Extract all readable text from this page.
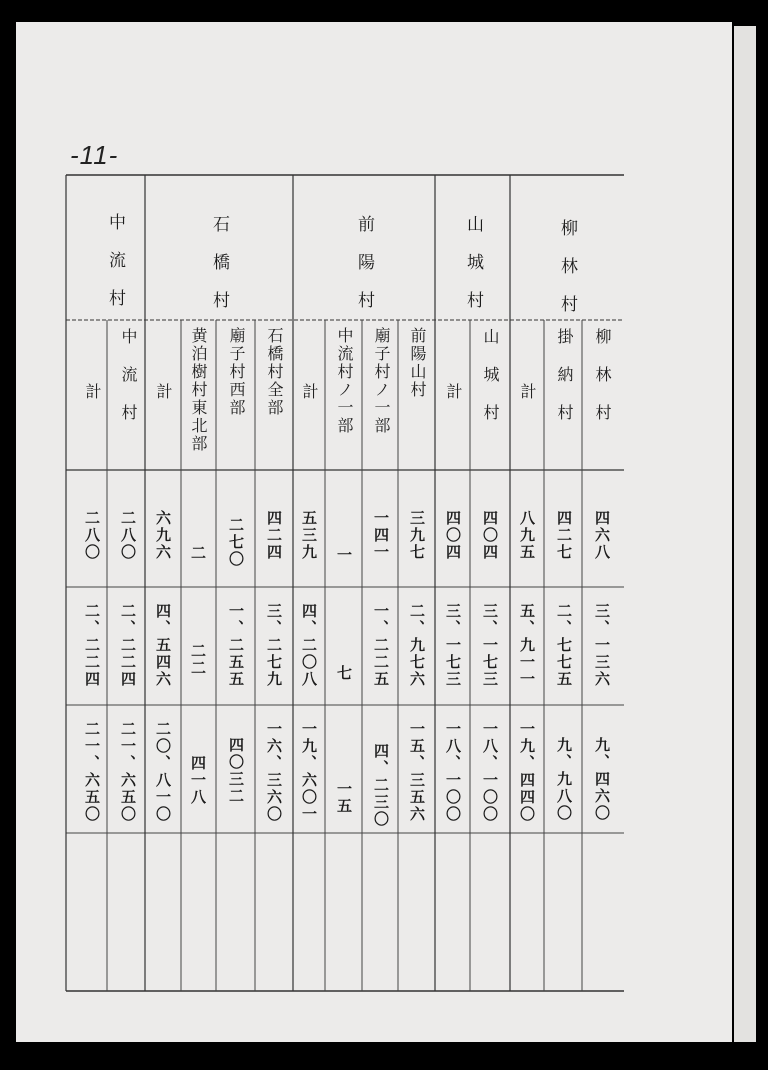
-11-
中流村	石橋村	前陽村	山城村	柳林村
計 中流村 計 黄泊樹村東北部 廟子村西部 石橋村全部 計 中流村ノ一部 廟子村ノ一部 前陽山村 計 山城村 計 掛納村 柳林村
二八〇 二八〇 六九六 二 二七〇 四二四 五三九 一 一四一 三九七 四〇四 四〇四 八九五 四二七 四六八
二、二二四 二、二二四 四、五四六 二二 一、二五五 三、二七九 四、二〇八 七 一、二二五 二、九七六 三、一七三 三、一七三 五、九一一 二、七七五 三、一三六
二一、六五〇 二一、六五〇 二〇、八一〇 四一八 四〇三二 一六、三六〇 一九、六〇一 一五 四、二三〇 一五、三五六 一八、一〇〇 一八、一〇〇 一九、四四〇 九、九八〇 九、四六〇
